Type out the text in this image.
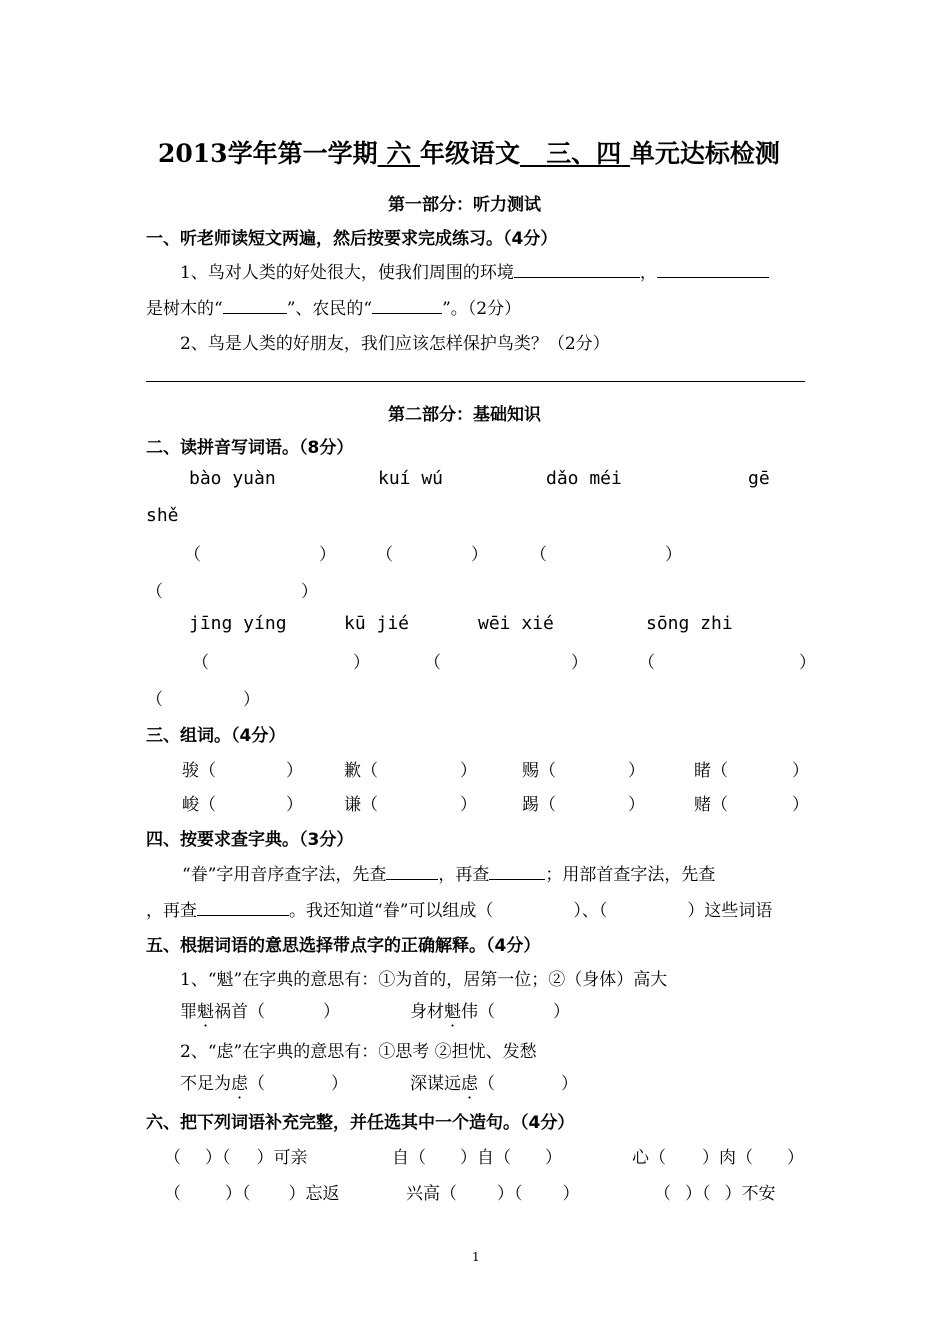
2013学年第一学期 六 年级语文 三、四 单元达标检测
第一部分：听力测试
一、听老师读短文两遍，然后按要求完成练习。（4分）
1、鸟对人类的好处很大，使我们周围的环境	，
是树木的“	”、农民的“	”。（2分）
2、鸟是人类的好朋友，我们应该怎样保护鸟类？（2分）
第二部分：基础知识
二、读拼音写词语。（8分）
bào yuàn	kuí wú	dǎo méi	gē
shě
（	） （	） （	）
（	）
jīng yíng	kū jié	wēi xié	sōng zhi
（	）	（	）	（	）
（	）
三、组词。（4分）
骏（	） 歉（	）	赐（	）	睹（	）
峻（	） 谦（	）	踢（	）	赌（	）
四、按要求查字典。（3分）
“眷”字用音序查字法，先查	，再查	；用部首查字法，先查
，再查	。我还知道“眷”可以组成（	）、（	）这些词语
五、根据词语的意思选择带点字的正确解释。（4分）
1、“魁”在字典的意思有：①为首的，居第一位；②（身体）高大
罪魁祸首（	）	身材魁伟（	）
2、“虑”在字典的意思有：①思考 ②担忧、发愁
不足为虑（	）	深谋远虑（	）
六、把下列词语补充完整，并任选其中一个造句。（4分）
（ ）（ ）可亲	自（ ）自（ ）	心（ ）肉（ ）
（	）（ ）忘返	兴高（ ）（ ）	（ ）（ ）不安
1
